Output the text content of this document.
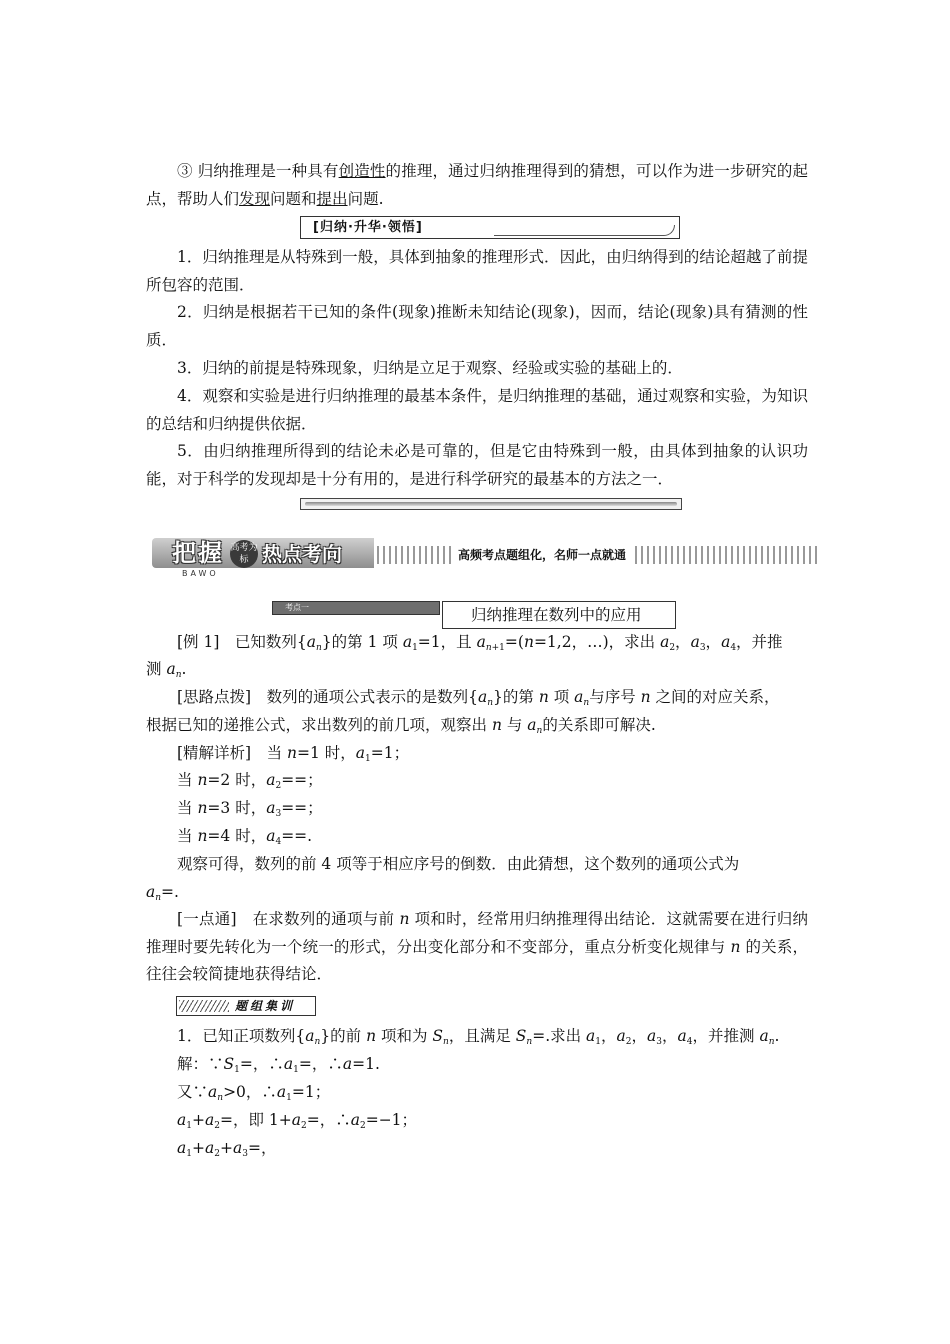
③ 归纳推理是一种具有创造性的推理，通过归纳推理得到的猜想，可以作为进一步研究的起点，帮助人们发现问题和提出问题.

[归纳·升华·领悟]

1．归纳推理是从特殊到一般，具体到抽象的推理形式．因此，由归纳得到的结论超越了前提所包容的范围．

2．归纳是根据若干已知的条件(现象)推断未知结论(现象)，因而，结论(现象)具有猜测的性质．

3．归纳的前提是特殊现象，归纳是立足于观察、经验或实验的基础上的．

4．观察和实验是进行归纳推理的最基本条件，是归纳推理的基础，通过观察和实验，为知识的总结和归纳提供依据．

5．由归纳推理所得到的结论未必是可靠的，但是它由特殊到一般，由具体到抽象的认识功能，对于科学的发现却是十分有用的，是进行科学研究的最基本的方法之一．

把握 高考为标 热点考向
BAWO
高频考点题组化，名师一点就通
考点一	归纳推理在数列中的应用
[例 1]　已知数列$\{a_n\}$的第 1 项 $a_1=1$，且 $a_{n+1}=(n=1,2$，…)，求出 $a_2$，$a_3$，$a_4$，并推
测 $a_n$.
[思路点拨]　数列的通项公式表示的是数列$\{a_n\}$的第 n 项 $a_n$与序号 n 之间的对应关系，
根据已知的递推公式，求出数列的前几项，观察出 n 与 $a_n$的关系即可解决.
[精解详析]　当 n=1 时，$a_1=1$；
当 n=2 时，$a_2==$；
当 n=3 时，$a_3==$；
当 n=4 时，$a_4==$.
观察可得，数列的前 4 项等于相应序号的倒数．由此猜想，这个数列的通项公式为
$a_n=$.

[一点通]　在求数列的通项与前 n 项和时，经常用归纳推理得出结论．这就需要在进行归纳推理时要先转化为一个统一的形式，分出变化部分和不变部分，重点分析变化规律与 n 的关系，往往会较简捷地获得结论．

题组集训
1．已知正项数列$\{a_n\}$的前 n 项和为 $S_n$，且满足 $S_n=$.求出 $a_1$，$a_2$，$a_3$，$a_4$，并推测 $a_n$.
解：$\because S_1=$，$\therefore a_1=$，∴a=1.
又$\because a_n>0$，$\therefore a_1=1$；
$a_1+a_2=$，即 $1+a_2=$，$\therefore a_2=-1$；
$a_1+a_2+a_3=$，
